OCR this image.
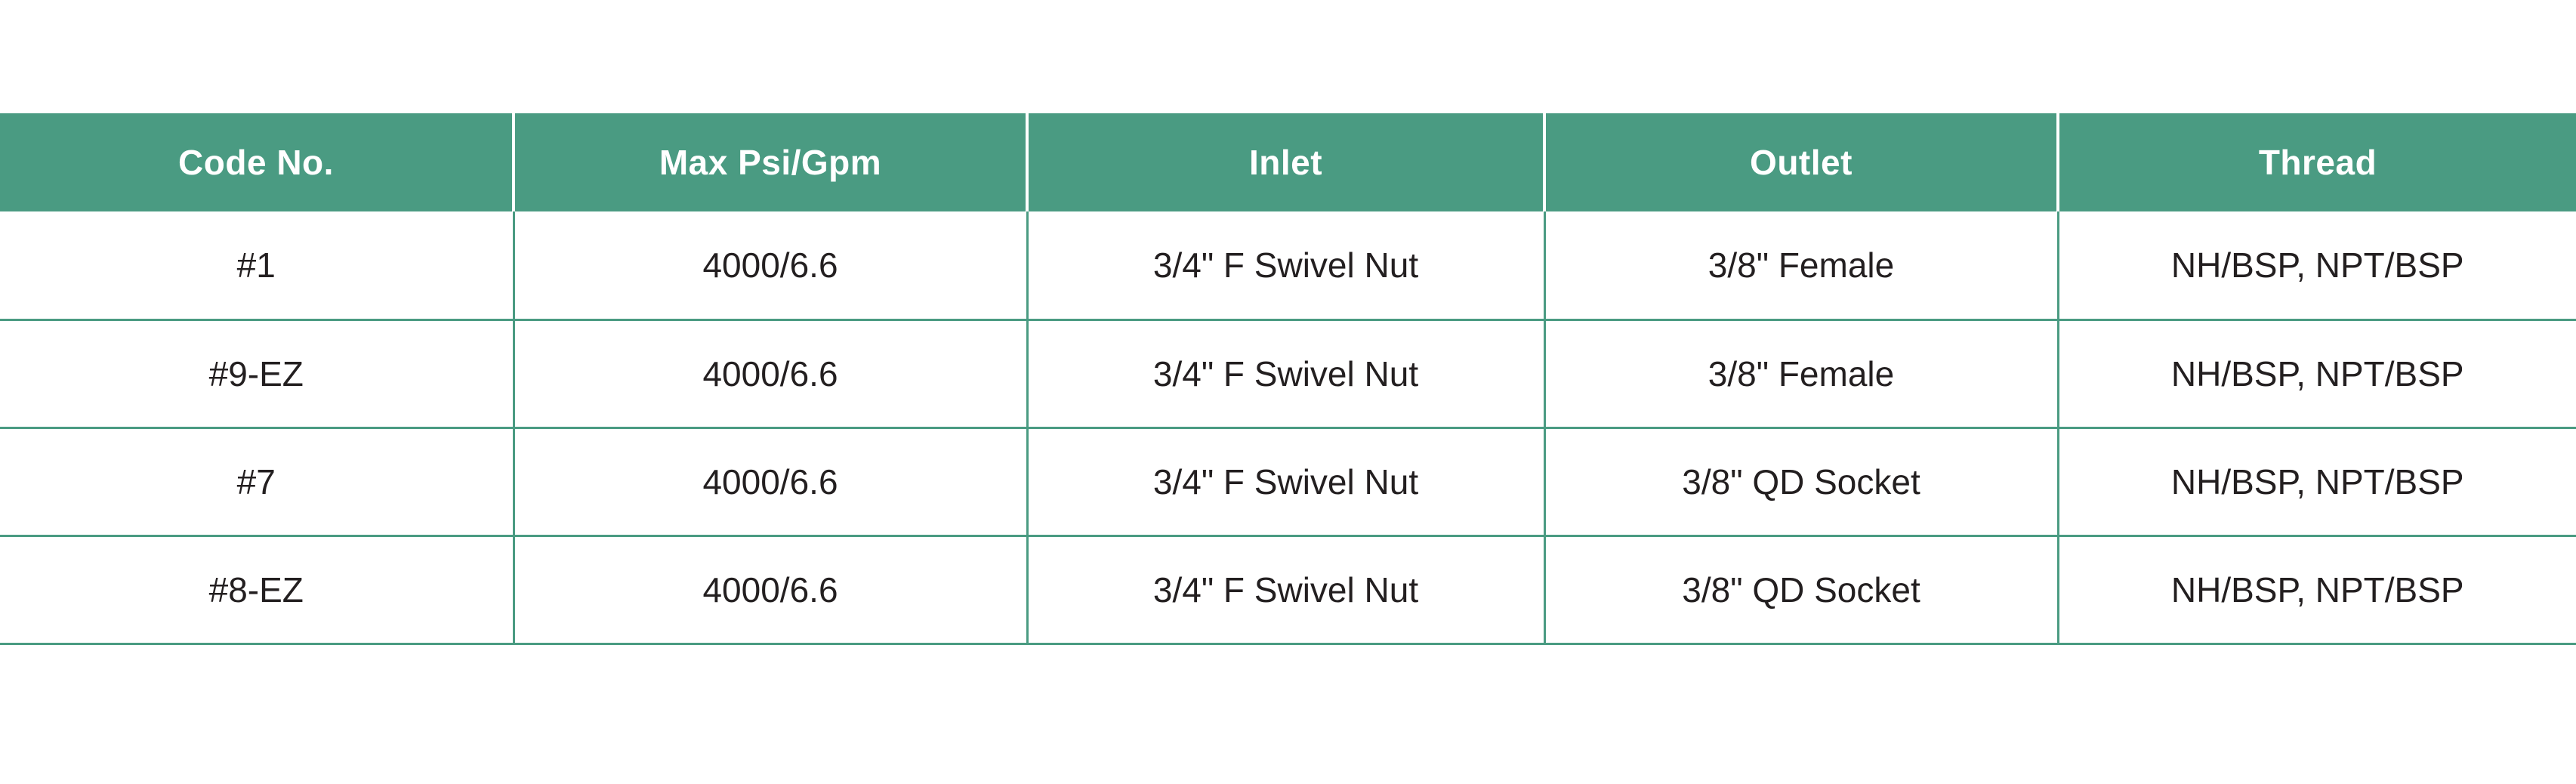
Code No.	Max Psi/Gpm	Inlet	Outlet	Thread
#1	4000/6.6	3/4" F Swivel Nut	3/8" Female	NH/BSP, NPT/BSP
#9-EZ	4000/6.6	3/4" F Swivel Nut	3/8" Female	NH/BSP, NPT/BSP
#7	4000/6.6	3/4" F Swivel Nut	3/8" QD Socket	NH/BSP, NPT/BSP
#8-EZ	4000/6.6	3/4" F Swivel Nut	3/8" QD Socket	NH/BSP, NPT/BSP
